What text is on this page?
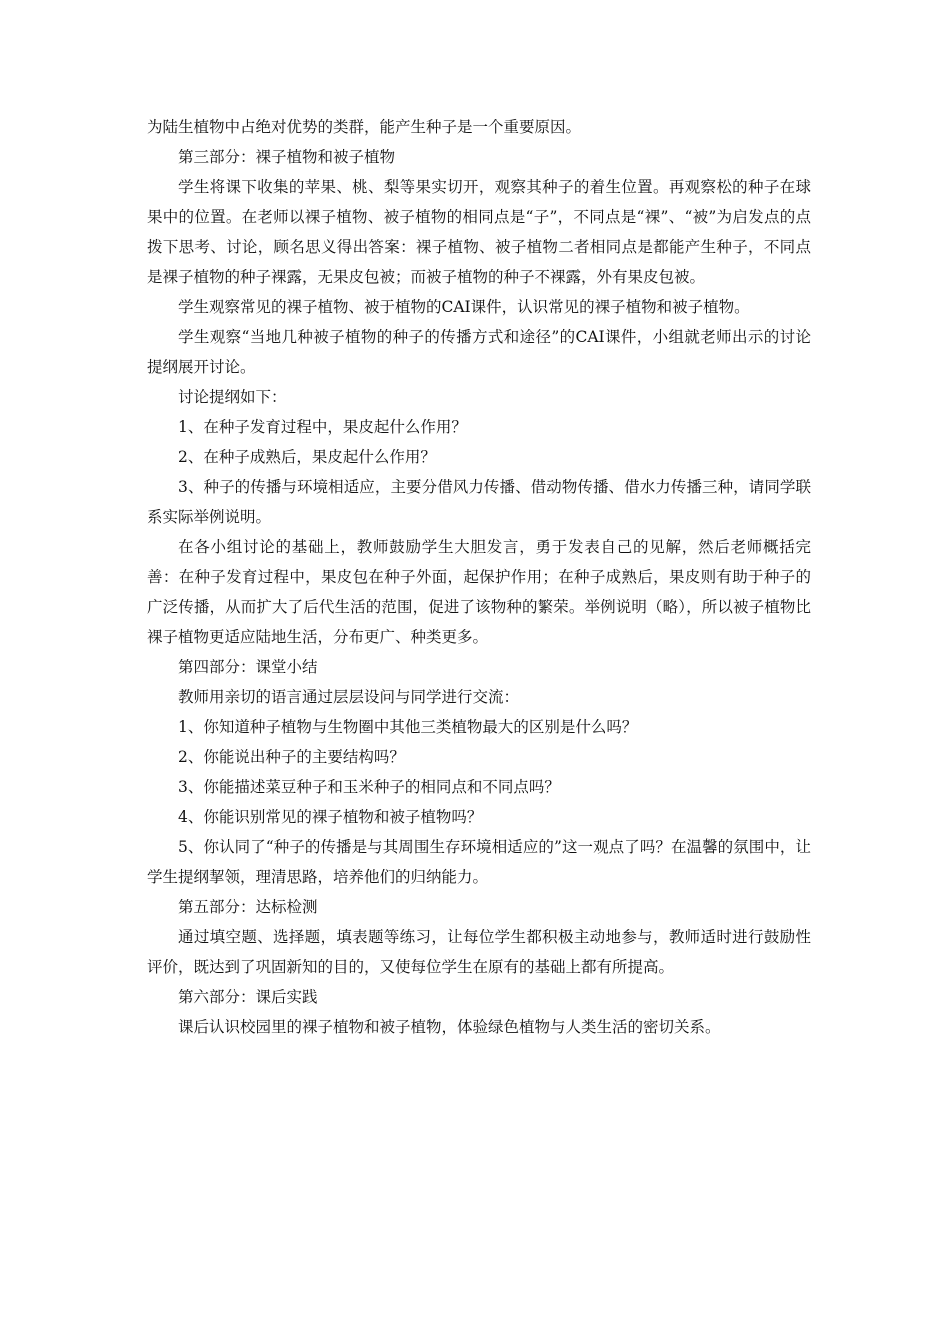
为陆生植物中占绝对优势的类群，能产生种子是一个重要原因。

第三部分：裸子植物和被子植物

学生将课下收集的苹果、桃、梨等果实切开，观察其种子的着生位置。再观察松的种子在球果中的位置。在老师以裸子植物、被子植物的相同点是“子”，不同点是“裸”、“被”为启发点的点拨下思考、讨论，顾名思义得出答案：裸子植物、被子植物二者相同点是都能产生种子，不同点是裸子植物的种子裸露，无果皮包被；而被子植物的种子不裸露，外有果皮包被。

学生观察常见的裸子植物、被于植物的CAI课件，认识常见的裸子植物和被子植物。

学生观察“当地几种被子植物的种子的传播方式和途径”的CAI课件，小组就老师出示的讨论提纲展开讨论。

讨论提纲如下：

1、在种子发育过程中，果皮起什么作用？

2、在种子成熟后，果皮起什么作用？

3、种子的传播与环境相适应，主要分借风力传播、借动物传播、借水力传播三种，请同学联系实际举例说明。

在各小组讨论的基础上，教师鼓励学生大胆发言，勇于发表自己的见解，然后老师概括完善：在种子发育过程中，果皮包在种子外面，起保护作用；在种子成熟后，果皮则有助于种子的广泛传播，从而扩大了后代生活的范围，促进了该物种的繁荣。举例说明（略），所以被子植物比裸子植物更适应陆地生活，分布更广、种类更多。

第四部分：课堂小结

教师用亲切的语言通过层层设问与同学进行交流：

1、你知道种子植物与生物圈中其他三类植物最大的区别是什么吗？

2、你能说出种子的主要结构吗？

3、你能描述菜豆种子和玉米种子的相同点和不同点吗？

4、你能识别常见的裸子植物和被子植物吗？

5、你认同了“种子的传播是与其周围生存环境相适应的”这一观点了吗？在温馨的氛围中，让学生提纲挈领，理清思路，培养他们的归纳能力。

第五部分：达标检测

通过填空题、选择题，填表题等练习，让每位学生都积极主动地参与，教师适时进行鼓励性评价，既达到了巩固新知的目的，又使每位学生在原有的基础上都有所提高。

第六部分：课后实践

课后认识校园里的裸子植物和被子植物，体验绿色植物与人类生活的密切关系。
